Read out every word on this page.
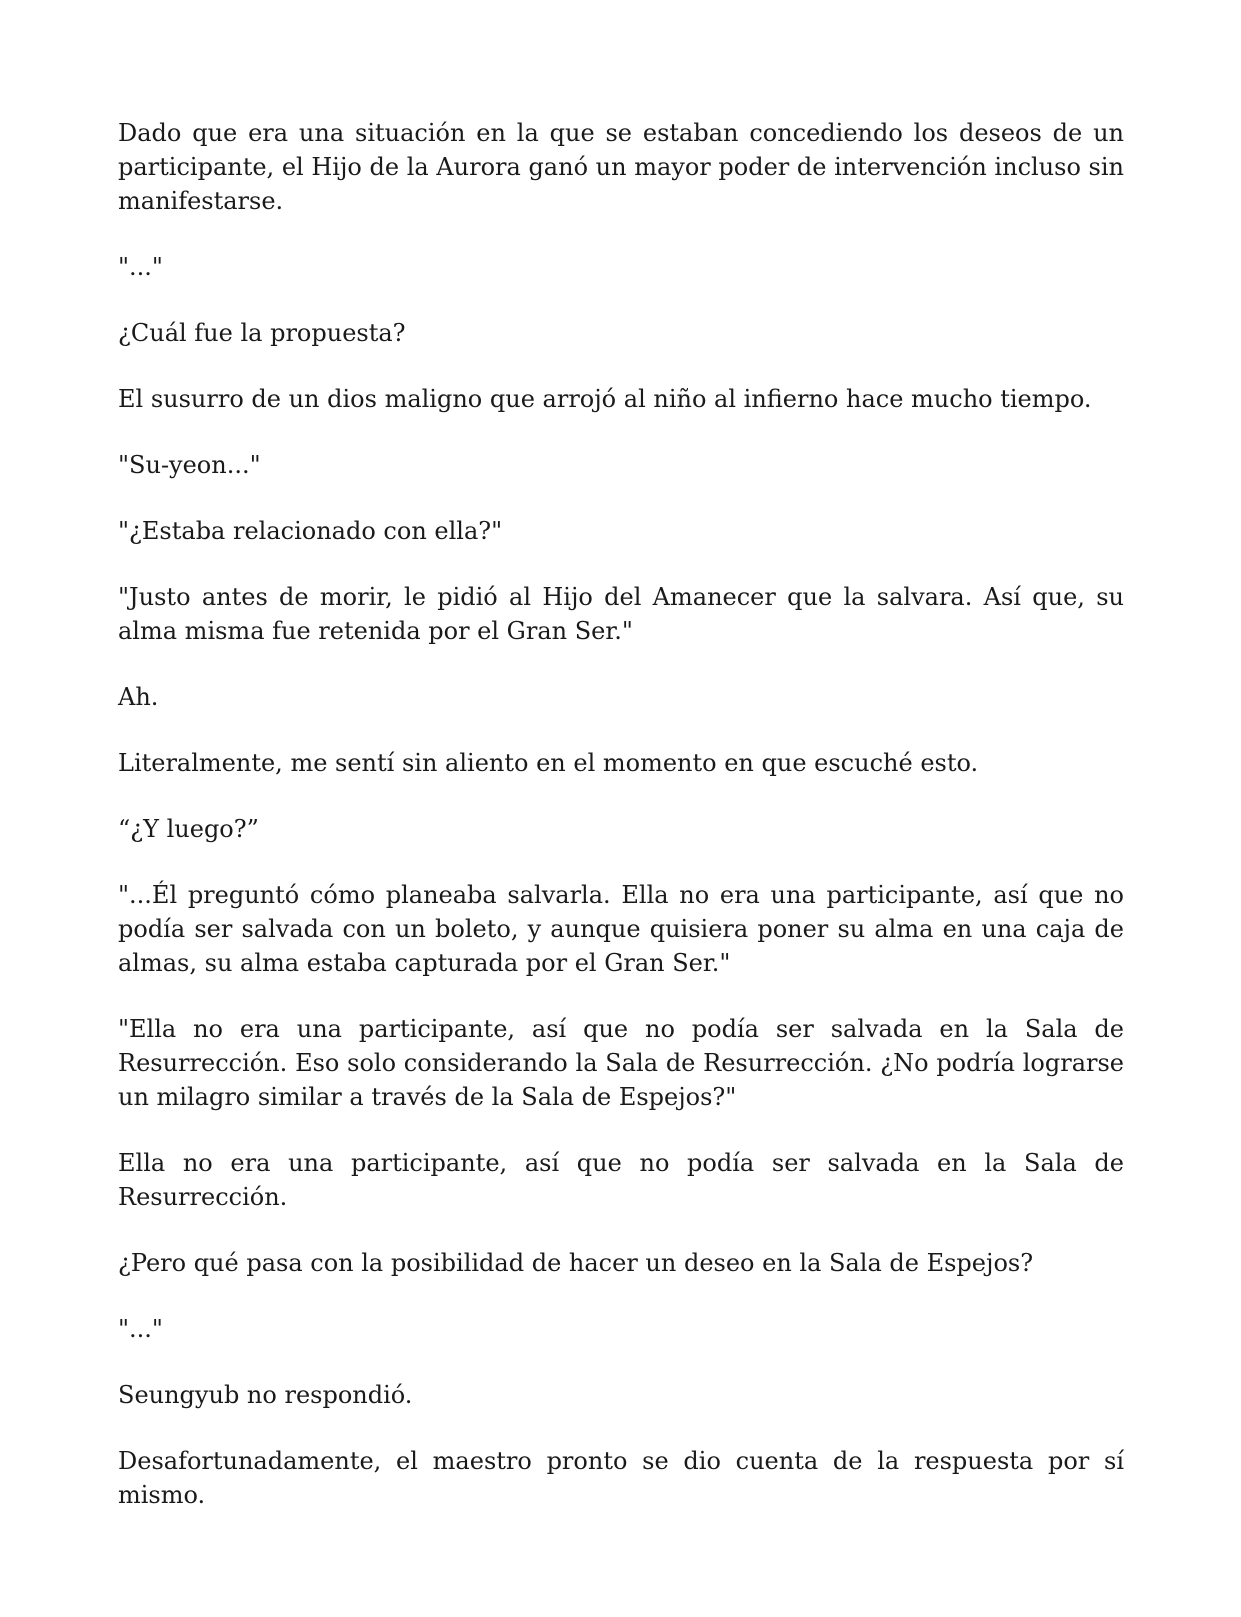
Dado que era una situación en la que se estaban concediendo los deseos de un participante, el Hijo de la Aurora ganó un mayor poder de intervención incluso sin manifestarse.

"..."

¿Cuál fue la propuesta?

El susurro de un dios maligno que arrojó al niño al infierno hace mucho tiempo.

"Su-yeon..."

"¿Estaba relacionado con ella?"

"Justo antes de morir, le pidió al Hijo del Amanecer que la salvara. Así que, su alma misma fue retenida por el Gran Ser."

Ah.

Literalmente, me sentí sin aliento en el momento en que escuché esto.

“¿Y luego?”

"...Él preguntó cómo planeaba salvarla. Ella no era una participante, así que no podía ser salvada con un boleto, y aunque quisiera poner su alma en una caja de almas, su alma estaba capturada por el Gran Ser."

"Ella no era una participante, así que no podía ser salvada en la Sala de Resurrección. Eso solo considerando la Sala de Resurrección. ¿No podría lograrse un milagro similar a través de la Sala de Espejos?"

Ella no era una participante, así que no podía ser salvada en la Sala de Resurrección.

¿Pero qué pasa con la posibilidad de hacer un deseo en la Sala de Espejos?

"..."

Seungyub no respondió.

Desafortunadamente, el maestro pronto se dio cuenta de la respuesta por sí mismo.
